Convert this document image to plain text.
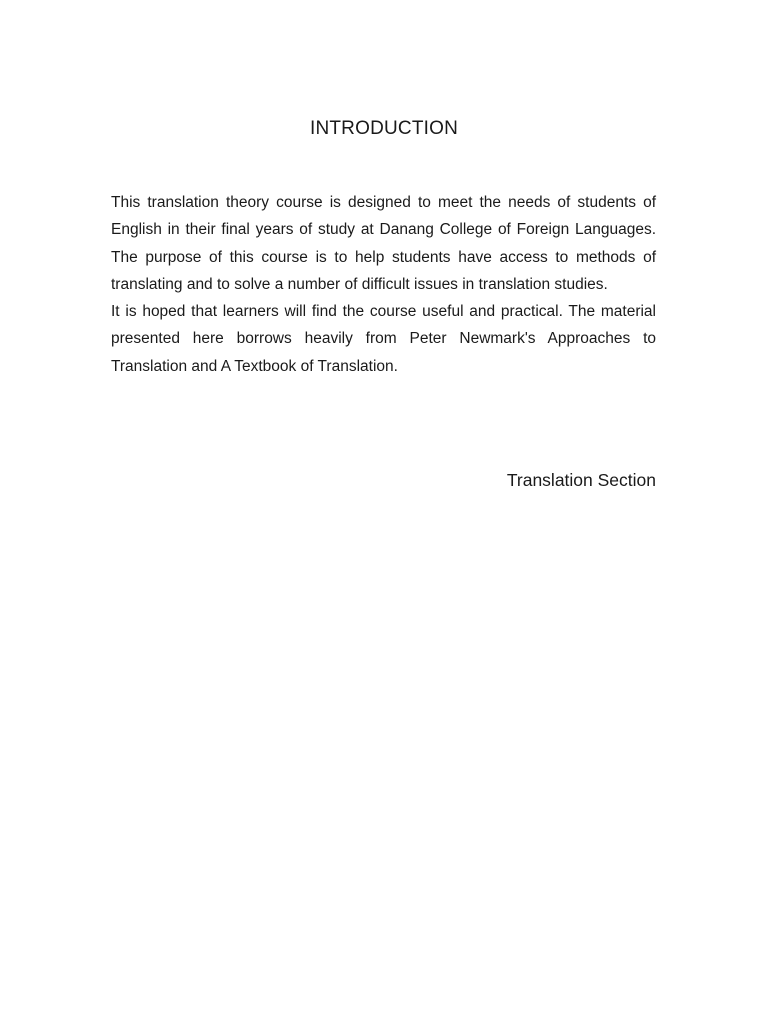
INTRODUCTION

This translation theory course is designed to meet the needs of students of English in their final years of study at Danang College of Foreign Languages. The purpose of this course is to help students have access to methods of translating and to solve a number of difficult issues in translation studies.

It is hoped that learners will find the course useful and practical. The material presented here borrows heavily from Peter Newmark's Approaches to Translation and A Textbook of Translation.

Translation Section
